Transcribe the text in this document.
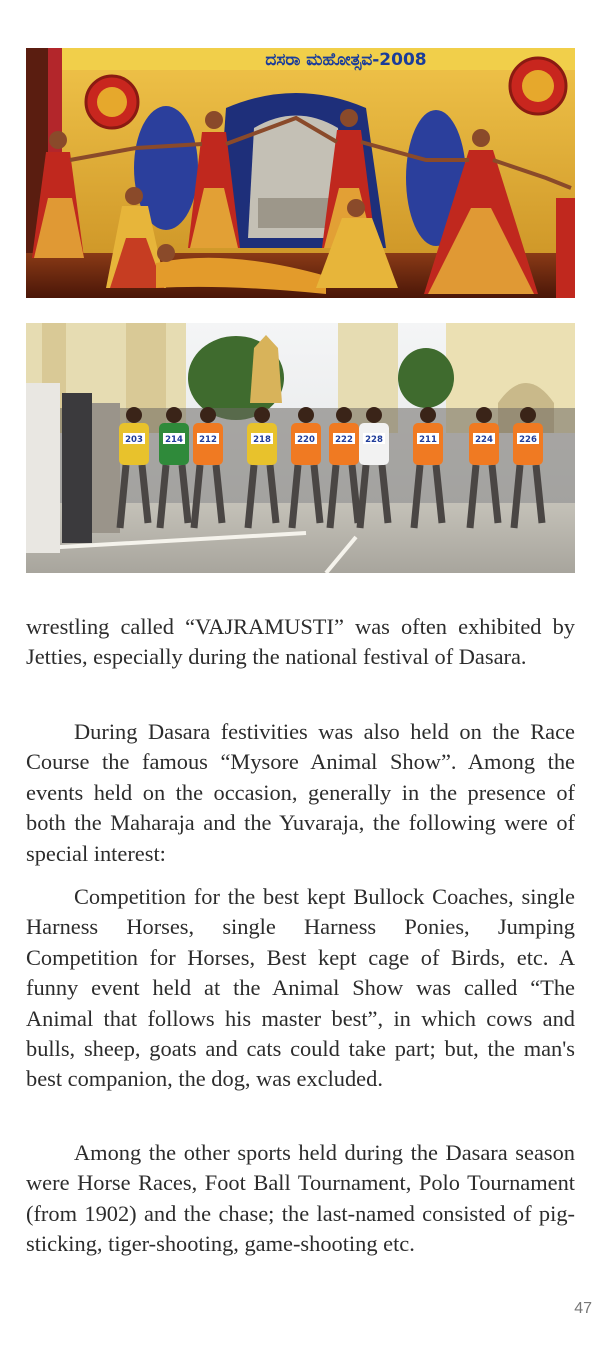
ದಸರಾ ಮಹೋತ್ಸವ-2008
203	214 212	218	220 222 228	211	224	226

wrestling called “VAJRAMUSTI” was often exhibited by Jetties, especially during the national festival of Dasara.

During Dasara festivities was also held on the Race Course the famous “Mysore Animal Show”. Among the events held on the occasion, generally in the presence of both the Maharaja and the Yuvaraja, the following were of special interest:

Competition for the best kept Bullock Coaches, single Harness Horses, single Harness Ponies, Jumping Competition for Horses, Best kept cage of Birds, etc. A funny event held at the Animal Show was called “The Animal that follows his master best”, in which cows and bulls, sheep, goats and cats could take part; but, the man's best companion, the dog, was excluded.

Among the other sports held during the Dasara season were Horse Races, Foot Ball Tournament, Polo Tournament (from 1902) and the chase; the last-named consisted of pig-sticking, tiger-shooting, game-shooting etc.

47
